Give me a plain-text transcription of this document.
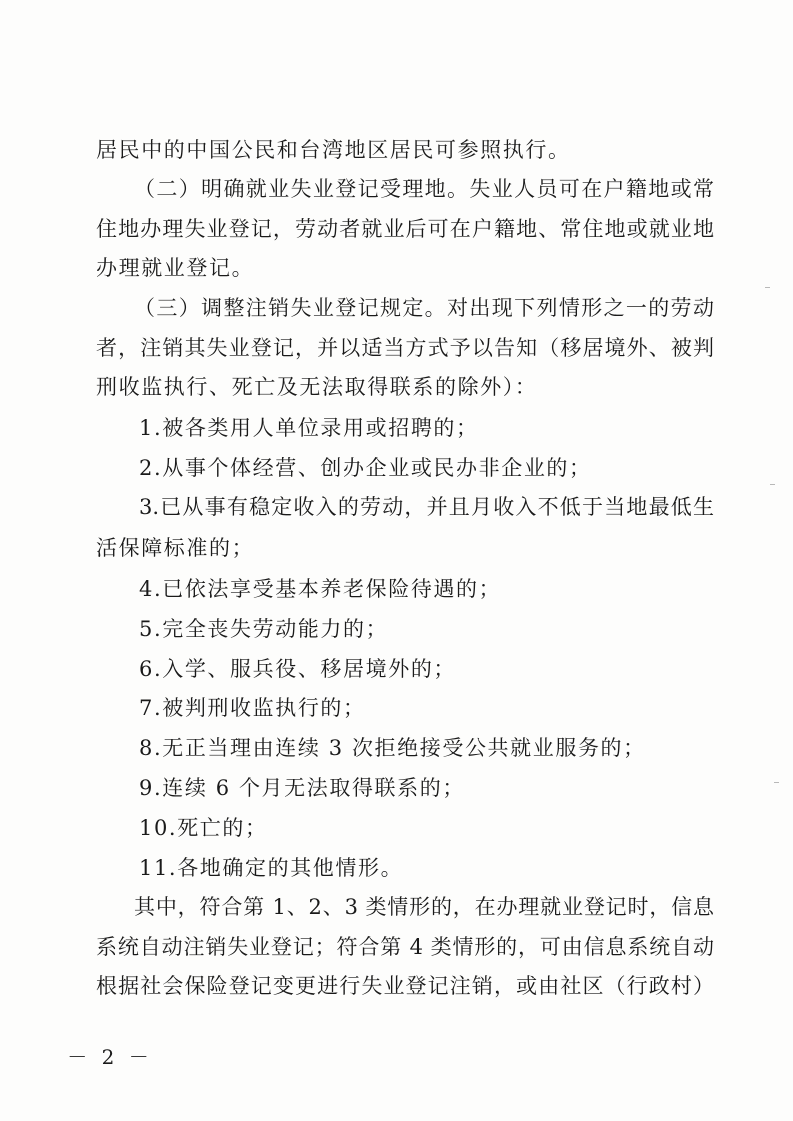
居民中的中国公民和台湾地区居民可参照执行。
（二）明确就业失业登记受理地。失业人员可在户籍地或常
住地办理失业登记，劳动者就业后可在户籍地、常住地或就业地
办理就业登记。
（三）调整注销失业登记规定。对出现下列情形之一的劳动
者，注销其失业登记，并以适当方式予以告知（移居境外、被判
刑收监执行、死亡及无法取得联系的除外）：
1.被各类用人单位录用或招聘的；
2.从事个体经营、创办企业或民办非企业的；
3.已从事有稳定收入的劳动，并且月收入不低于当地最低生
活保障标准的；
4.已依法享受基本养老保险待遇的；
5.完全丧失劳动能力的；
6.入学、服兵役、移居境外的；
7.被判刑收监执行的；
8.无正当理由连续 3 次拒绝接受公共就业服务的；
9.连续 6 个月无法取得联系的；
10.死亡的；
11.各地确定的其他情形。
其中，符合第 1、2、3 类情形的，在办理就业登记时，信息
系统自动注销失业登记；符合第 4 类情形的，可由信息系统自动
根据社会保险登记变更进行失业登记注销，或由社区（行政村）
－ 2 －
